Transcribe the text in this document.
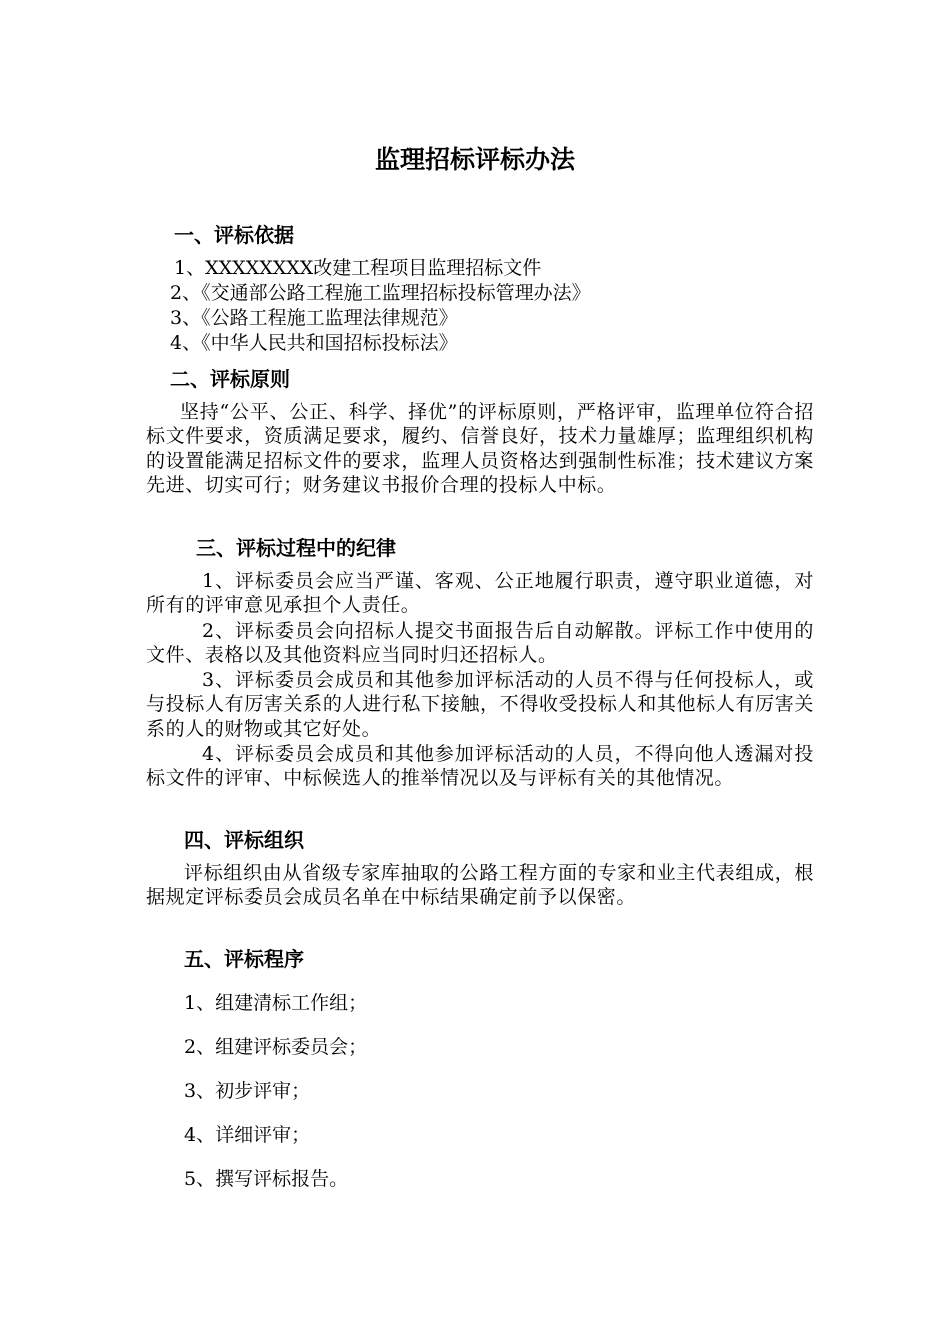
监理招标评标办法
一、评标依据
1、XXXXXXXX改建工程项目监理招标文件
2、《交通部公路工程施工监理招标投标管理办法》
3、《公路工程施工监理法律规范》
4、《中华人民共和国招标投标法》
二、评标原则
坚持“公平、公正、科学、择优”的评标原则，严格评审，监理单位符合招标文件要求，资质满足要求，履约、信誉良好，技术力量雄厚；监理组织机构的设置能满足招标文件的要求，监理人员资格达到强制性标准；技术建议方案先进、切实可行；财务建议书报价合理的投标人中标。
三、评标过程中的纪律
1、评标委员会应当严谨、客观、公正地履行职责，遵守职业道德，对所有的评审意见承担个人责任。
2、评标委员会向招标人提交书面报告后自动解散。评标工作中使用的文件、表格以及其他资料应当同时归还招标人。
3、评标委员会成员和其他参加评标活动的人员不得与任何投标人，或与投标人有厉害关系的人进行私下接触，不得收受投标人和其他标人有厉害关系的人的财物或其它好处。
4、评标委员会成员和其他参加评标活动的人员，不得向他人透漏对投标文件的评审、中标候选人的推举情况以及与评标有关的其他情况。
四、评标组织
评标组织由从省级专家库抽取的公路工程方面的专家和业主代表组成，根据规定评标委员会成员名单在中标结果确定前予以保密。
五、评标程序
1、组建清标工作组；
2、组建评标委员会；
3、初步评审；
4、详细评审；
5、撰写评标报告。
